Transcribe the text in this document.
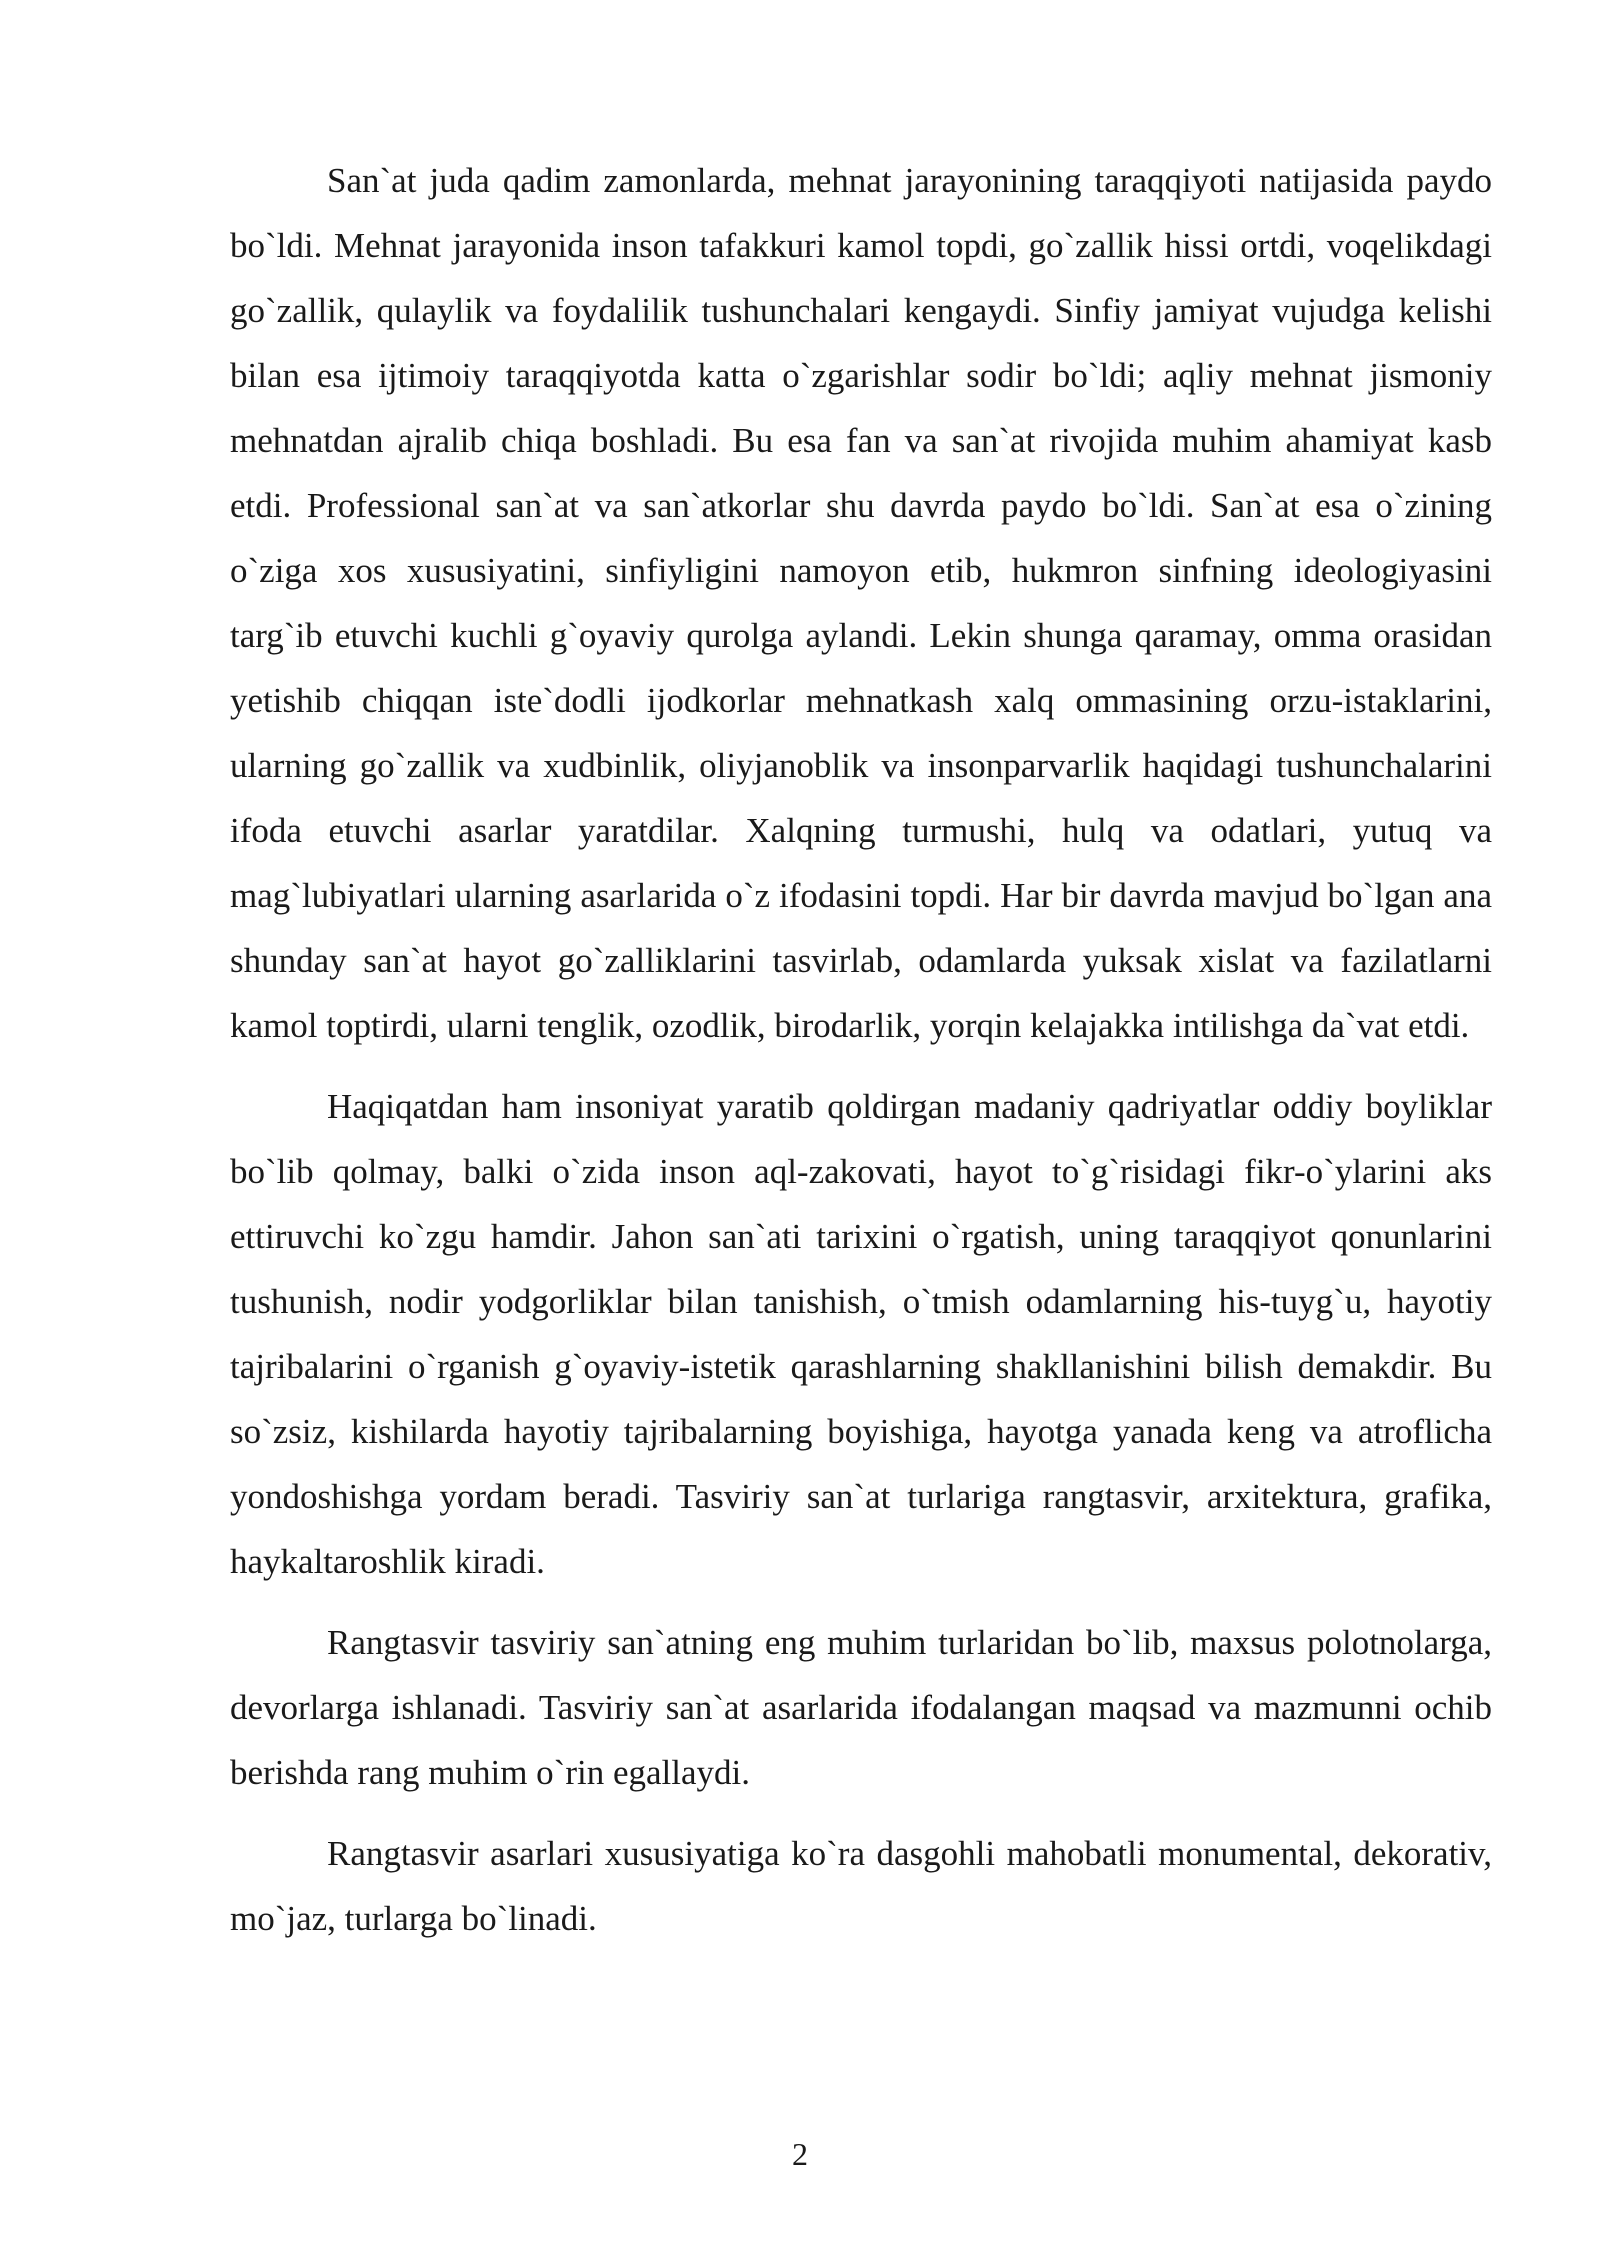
San`at juda qadim zamonlarda, mehnat jarayonining taraqqiyoti natijasida paydo bo`ldi. Mehnat jarayonida inson tafakkuri kamol topdi, go`zallik hissi ortdi, voqelikdagi go`zallik, qulaylik va foydalilik tushunchalari kengaydi. Sinfiy jamiyat vujudga kelishi bilan esa ijtimoiy taraqqiyotda katta o`zgarishlar sodir bo`ldi; aqliy mehnat jismoniy mehnatdan ajralib chiqa boshladi. Bu esa fan va san`at rivojida muhim ahamiyat kasb etdi. Professional san`at va san`atkorlar shu davrda paydo bo`ldi. San`at esa o`zining o`ziga xos xususiyatini, sinfiyligini namoyon etib, hukmron sinfning ideologiyasini targ`ib etuvchi kuchli g`oyaviy qurolga aylandi. Lekin shunga qaramay, omma orasidan yetishib chiqqan iste`dodli ijodkorlar mehnatkash xalq ommasining orzu-istaklarini, ularning go`zallik va xudbinlik, oliyjanoblik va insonparvarlik haqidagi tushunchalarini ifoda etuvchi asarlar yaratdilar. Xalqning turmushi, hulq va odatlari, yutuq va mag`lubiyatlari ularning asarlarida o`z ifodasini topdi. Har bir davrda mavjud bo`lgan ana shunday san`at hayot go`zalliklarini tasvirlab, odamlarda yuksak xislat va fazilatlarni kamol toptirdi, ularni tenglik, ozodlik, birodarlik, yorqin kelajakka intilishga da`vat etdi.

Haqiqatdan ham insoniyat yaratib qoldirgan madaniy qadriyatlar oddiy boyliklar bo`lib qolmay, balki o`zida inson aql-zakovati, hayot to`g`risidagi fikr-o`ylarini aks ettiruvchi ko`zgu hamdir. Jahon san`ati tarixini o`rgatish, uning taraqqiyot qonunlarini tushunish, nodir yodgorliklar bilan tanishish, o`tmish odamlarning his-tuyg`u, hayotiy tajribalarini o`rganish g`oyaviy-istetik qarashlarning shakllanishini bilish demakdir. Bu so`zsiz, kishilarda hayotiy tajribalarning boyishiga, hayotga yanada keng va atroflicha yondoshishga yordam beradi. Tasviriy san`at turlariga rangtasvir, arxitektura, grafika, haykaltaroshlik kiradi.

Rangtasvir tasviriy san`atning eng muhim turlaridan bo`lib, maxsus polotnolarga, devorlarga ishlanadi. Tasviriy san`at asarlarida ifodalangan maqsad va mazmunni ochib berishda rang muhim o`rin egallaydi.

Rangtasvir asarlari xususiyatiga ko`ra dasgohli mahobatli monumental, dekorativ, mo`jaz, turlarga bo`linadi.

2
